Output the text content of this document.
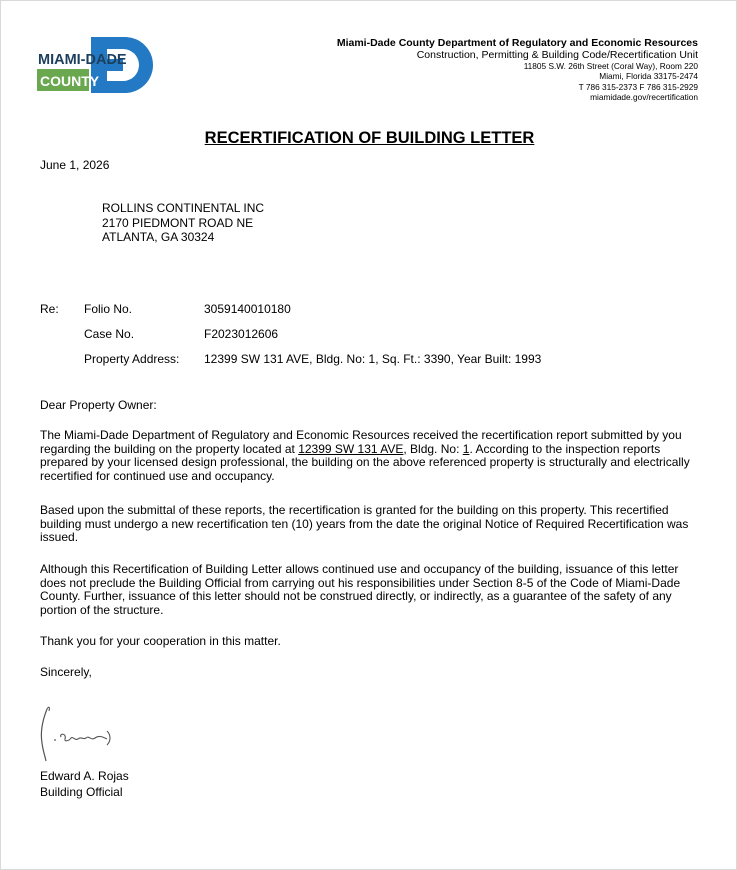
MIAMI-DADE
COUNTY
Miami-Dade County Department of Regulatory and Economic Resources
Construction, Permitting & Building Code/Recertification Unit
11805 S.W. 26th Street (Coral Way), Room 220
Miami, Florida 33175-2474
T 786 315-2373 F 786 315-2929
miamidade.gov/recertification
RECERTIFICATION OF BUILDING LETTER
June 1, 2026
ROLLINS CONTINENTAL INC
2170 PIEDMONT ROAD NE
ATLANTA, GA 30324
Re: Folio No.	3059140010180
Case No.	F2023012606
Property Address: 12399 SW 131 AVE, Bldg. No: 1, Sq. Ft.: 3390, Year Built: 1993
Dear Property Owner:
The Miami-Dade Department of Regulatory and Economic Resources received the recertification report submitted by you regarding the building on the property located at 12399 SW 131 AVE, Bldg. No: 1. According to the inspection reports prepared by your licensed design professional, the building on the above referenced property is structurally and electrically recertified for continued use and occupancy.
Based upon the submittal of these reports, the recertification is granted for the building on this property. This recertified building must undergo a new recertification ten (10) years from the date the original Notice of Required Recertification was issued.
Although this Recertification of Building Letter allows continued use and occupancy of the building, issuance of this letter does not preclude the Building Official from carrying out his responsibilities under Section 8-5 of the Code of Miami-Dade County. Further, issuance of this letter should not be construed directly, or indirectly, as a guarantee of the safety of any portion of the structure.
Thank you for your cooperation in this matter.
Sincerely,
Edward A. Rojas
Building Official
